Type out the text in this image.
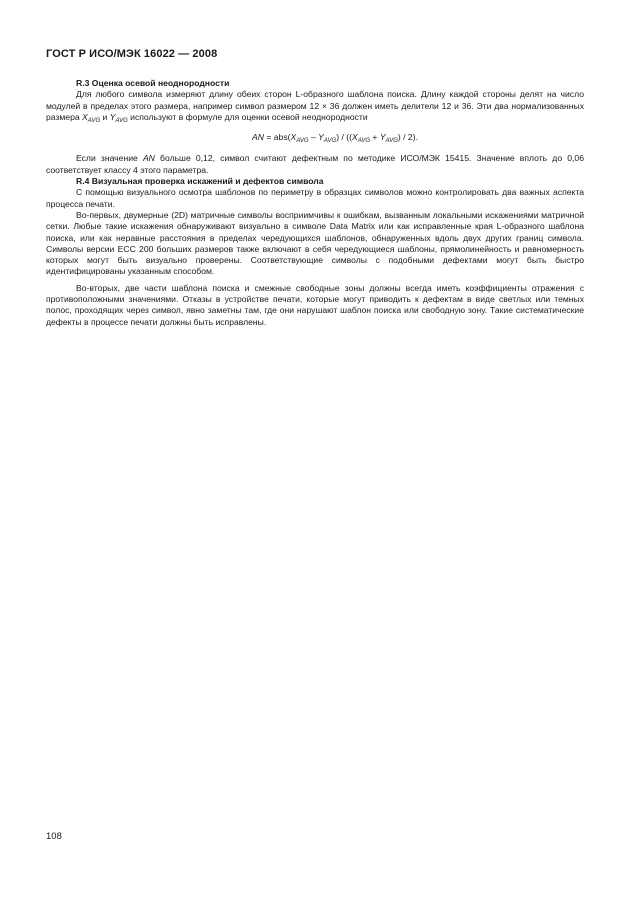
ГОСТ Р ИСО/МЭК 16022 — 2008
R.3 Оценка осевой неоднородности

Для любого символа измеряют длину обеих сторон L-образного шаблона поиска. Длину каждой стороны делят на число модулей в пределах этого размера, например символ размером 12 × 36 должен иметь делители 12 и 36. Эти два нормализованных размера $X_{AVG}$ и $Y_{AVG}$ используют в формуле для оценки осевой неоднородности

AN = $abs(X_{AVG} - Y_{AVG}) / ((X_{AVG} + Y_{AVG}) / 2)$.

Если значение AN больше 0,12, символ считают дефектным по методике ИСО/МЭК 15415. Значение вплоть до 0,06 соответствует классу 4 этого параметра.

R.4 Визуальная проверка искажений и дефектов символа

С помощью визуального осмотра шаблонов по периметру в образцах символов можно контролировать два важных аспекта процесса печати.

Во-первых, двумерные (2D) матричные символы восприимчивы к ошибкам, вызванным локальными искажениями матричной сетки. Любые такие искажения обнаруживают визуально в символе Data Matrix или как исправленные края L-образного шаблона поиска, или как неравные расстояния в пределах чередующихся шаблонов, обнаруженных вдоль двух других границ символа. Символы версии ECC 200 больших размеров также включают в себя чередующиеся шаблоны, прямолинейность и равномерность которых могут быть визуально проверены. Соответствующие символы с подобными дефектами могут быть быстро идентифицированы указанным способом.

Во-вторых, две части шаблона поиска и смежные свободные зоны должны всегда иметь коэффициенты отражения с противоположными значениями. Отказы в устройстве печати, которые могут приводить к дефектам в виде светлых или темных полос, проходящих через символ, явно заметны там, где они нарушают шаблон поиска или свободную зону. Такие систематические дефекты в процессе печати должны быть исправлены.

108
